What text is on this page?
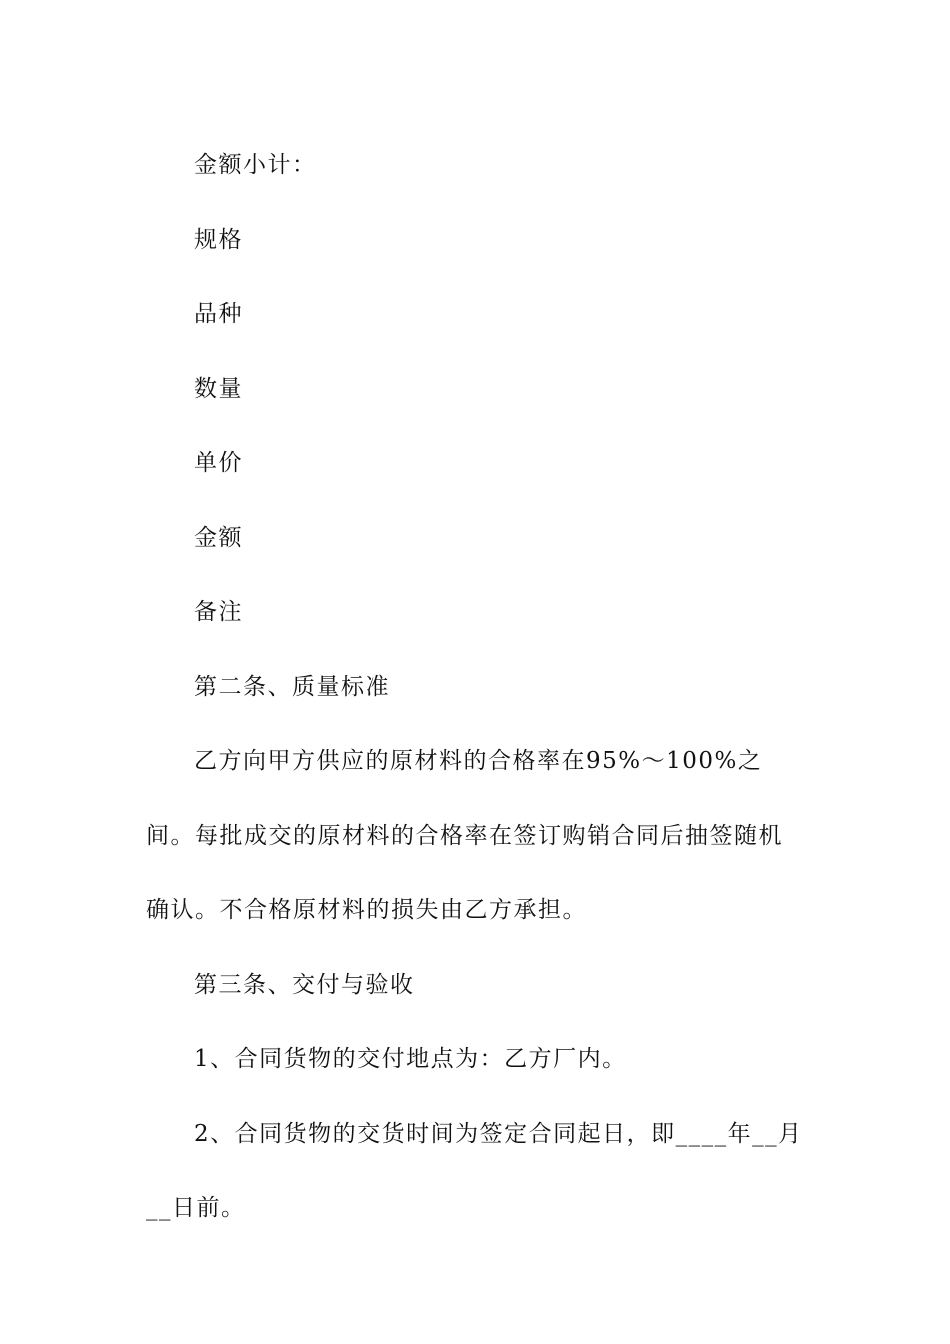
金额小计：

规格

品种

数量

单价

金额

备注

第二条、质量标准

乙方向甲方供应的原材料的合格率在95%～100%之间。每批成交的原材料的合格率在签订购销合同后抽签随机确认。不合格原材料的损失由乙方承担。

第三条、交付与验收

1、合同货物的交付地点为：乙方厂内。

2、合同货物的交货时间为签定合同起日，即____年__月__日前。
